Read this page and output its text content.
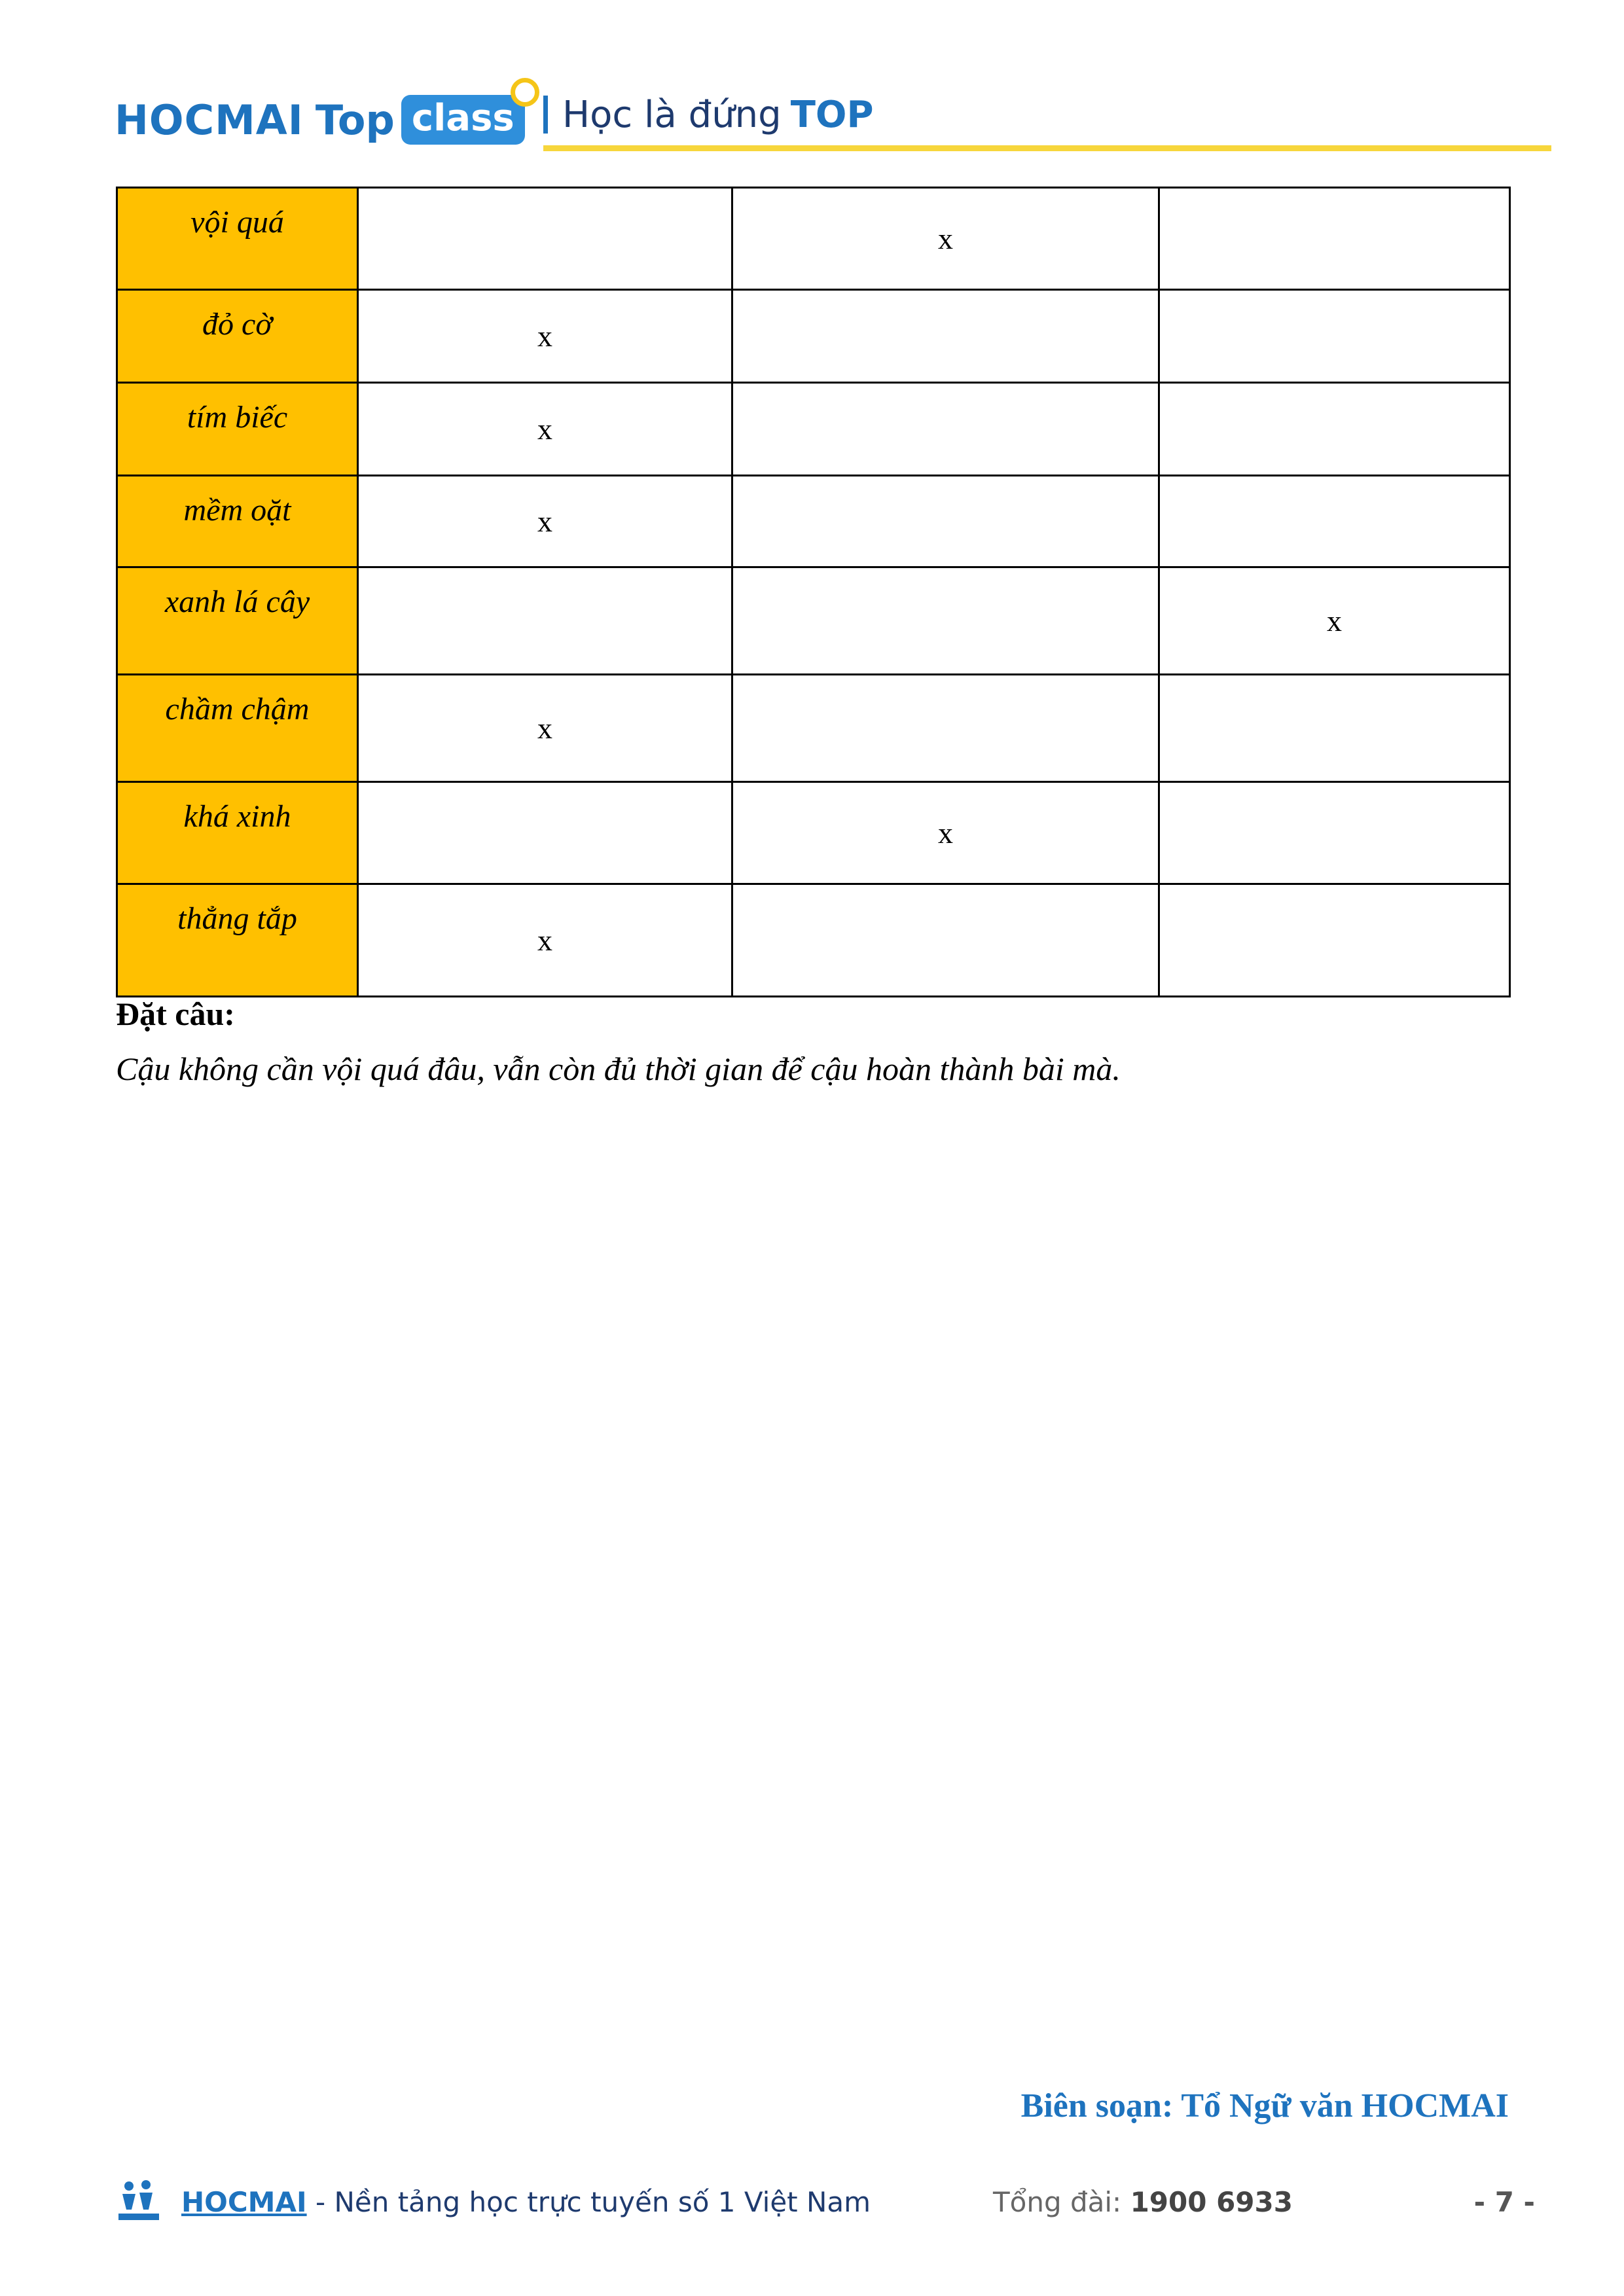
HOCMAI Top class Học là đứng TOP
vội quá		x	
đỏ cờ	x		
tím biếc	x		
mềm oặt	x		
xanh lá cây			x
chầm chậm	x		
khá xinh		x	
thẳng tắp	x		
Đặt câu:
Cậu không cần vội quá đâu, vẫn còn đủ thời gian để cậu hoàn thành bài mà.
Biên soạn: Tổ Ngữ văn HOCMAI
HOCMAI - Nền tảng học trực tuyến số 1 Việt Nam	Tổng đài: 1900 6933	- 7 -
